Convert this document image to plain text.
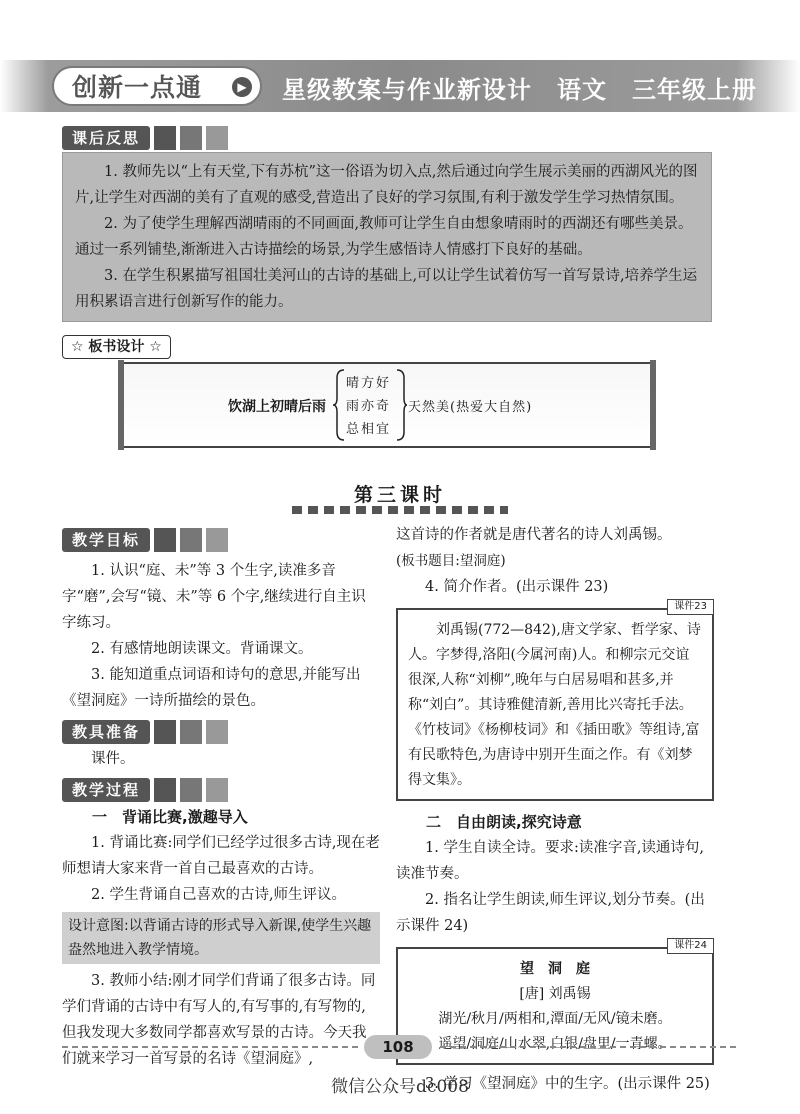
创新一点通	▶ 星级教案与作业新设计　语文　三年级上册
课后反思

1. 教师先以“上有天堂,下有苏杭”这一俗语为切入点,然后通过向学生展示美丽的西湖风光的图片,让学生对西湖的美有了直观的感受,营造出了良好的学习氛围,有利于激发学生学习热情氛围。

2. 为了使学生理解西湖晴雨的不同画面,教师可让学生自由想象晴雨时的西湖还有哪些美景。通过一系列铺垫,渐渐进入古诗描绘的场景,为学生感悟诗人情感打下良好的基础。

3. 在学生积累描写祖国壮美河山的古诗的基础上,可以让学生试着仿写一首写景诗,培养学生运用积累语言进行创新写作的能力。

☆ 板书设计 ☆
饮湖上初晴后雨
晴方好
雨亦奇
总相宜
天然美(热爱大自然)
第三课时
教学目标

1. 认识“庭、未”等 3 个生字,读准多音字“磨”,会写“镜、未”等 6 个字,继续进行自主识字练习。

2. 有感情地朗读课文。背诵课文。

3. 能知道重点词语和诗句的意思,并能写出《望洞庭》一诗所描绘的景色。

教具准备

课件。

教学过程
一　背诵比赛,激趣导入

1. 背诵比赛:同学们已经学过很多古诗,现在老师想请大家来背一首自己最喜欢的古诗。

2. 学生背诵自己喜欢的古诗,师生评议。

设计意图:以背诵古诗的形式导入新课,使学生兴趣盎然地进入教学情境。

3. 教师小结:刚才同学们背诵了很多古诗。同学们背诵的古诗中有写人的,有写事的,有写物的,但我发现大多数同学都喜欢写景的古诗。今天我们就来学习一首写景的名诗《望洞庭》,

这首诗的作者就是唐代著名的诗人刘禹锡。

(板书题目:望洞庭)

4. 简介作者。(出示课件 23)

课件23
刘禹锡(772—842),唐文学家、哲学家、诗人。字梦得,洛阳(今属河南)人。和柳宗元交谊很深,人称“刘柳”,晚年与白居易唱和甚多,并称“刘白”。其诗雅健清新,善用比兴寄托手法。《竹枝词》《杨柳枝词》和《插田歌》等组诗,富有民歌特色,为唐诗中别开生面之作。有《刘梦得文集》。
二　自由朗读,探究诗意

1. 学生自读全诗。要求:读准字音,读通诗句,读准节奏。

2. 指名让学生朗读,师生评议,划分节奏。(出示课件 24)

课件24
望　洞　庭
[唐] 刘禹锡
湖光/秋月/两相和,潭面/无风/镜未磨。
遥望/洞庭/山水翠,白银/盘里/一青螺。

3. 学习《望洞庭》中的生字。(出示课件 25)

108
微信公众号dc008
